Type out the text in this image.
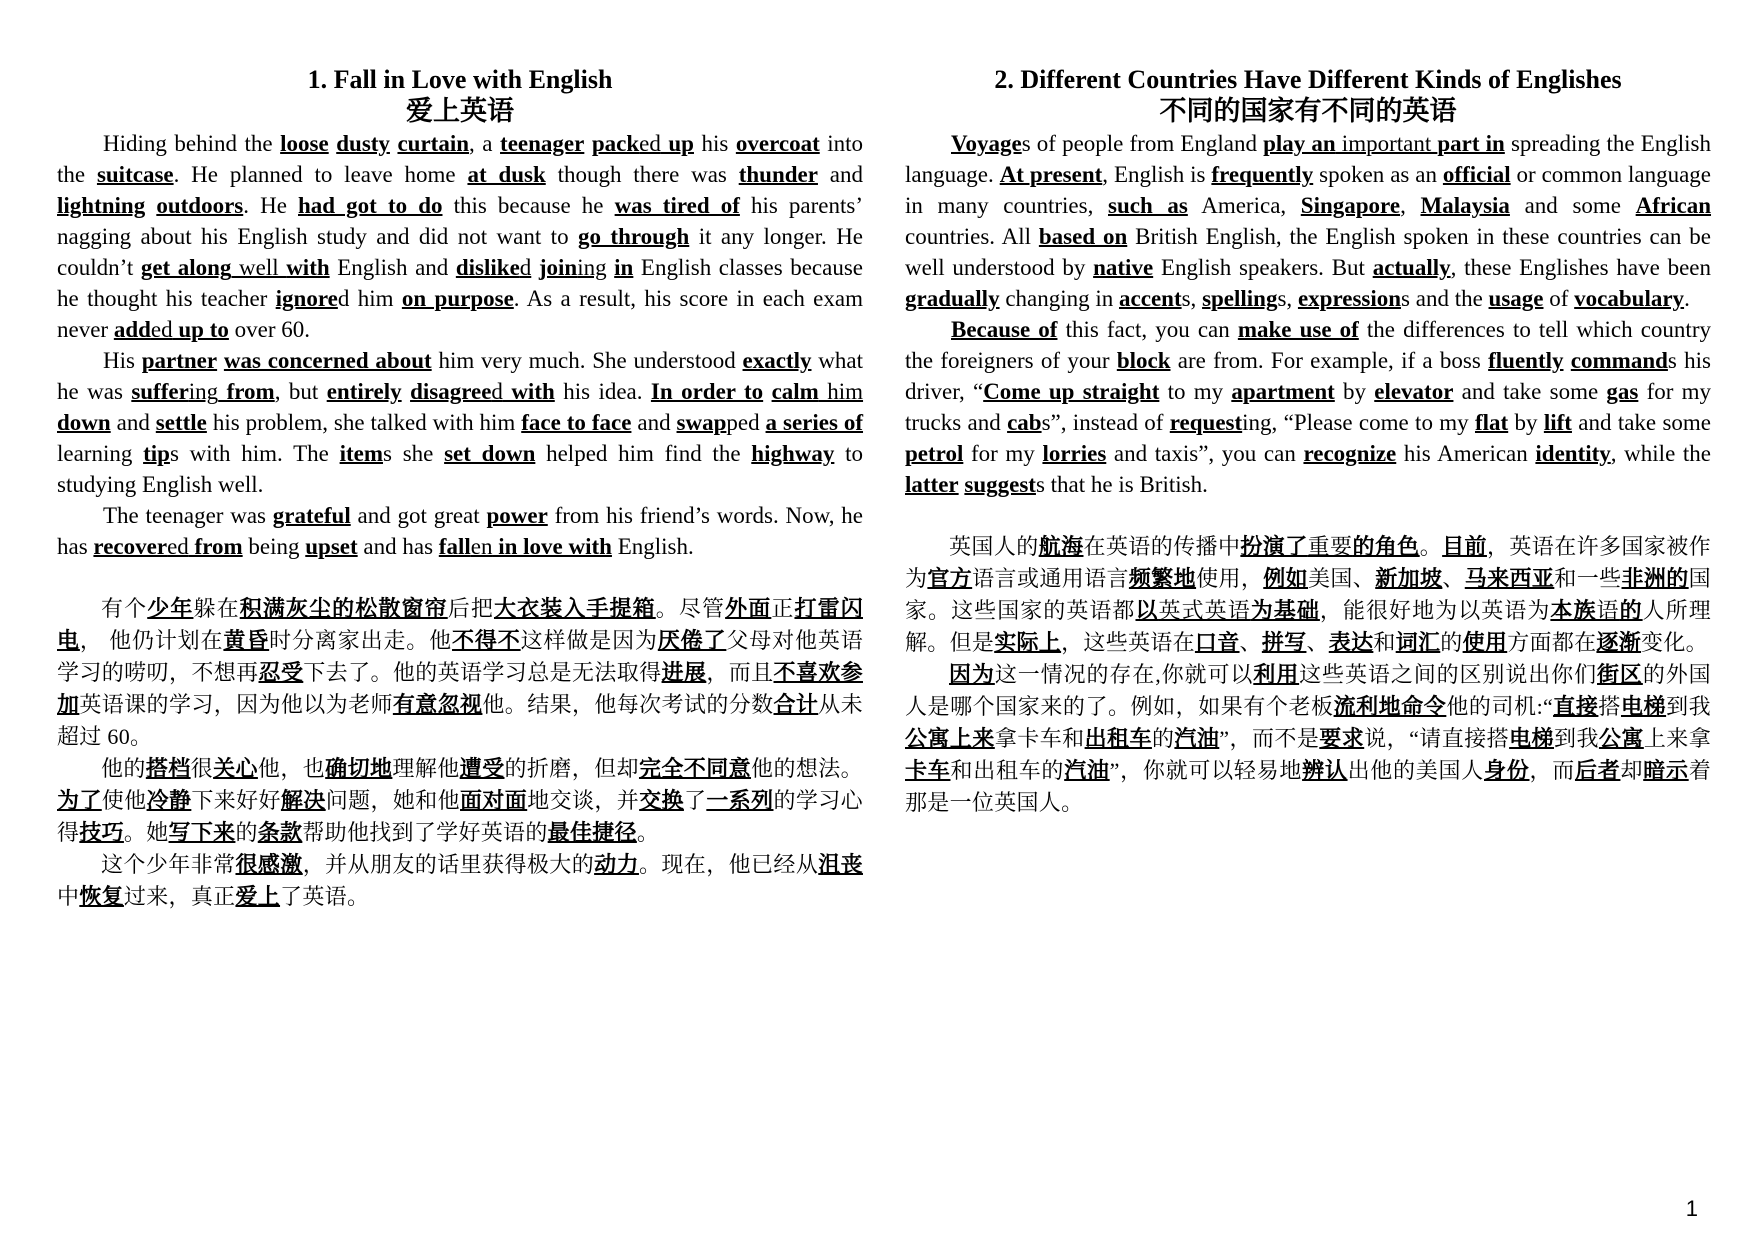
1. Fall in Love with English
爱上英语

Hiding behind the loose dusty curtain, a teenager packed up his overcoat into the suitcase. He planned to leave home at dusk though there was thunder and lightning outdoors. He had got to do this because he was tired of his parents’ nagging about his English study and did not want to go through it any longer. He couldn’t get along well with English and disliked joining in English classes because he thought his teacher ignored him on purpose. As a result, his score in each exam never added up to over 60.

His partner was concerned about him very much. She understood exactly what he was suffering from, but entirely disagreed with his idea. In order to calm him down and settle his problem, she talked with him face to face and swapped a series of learning tips with him. The items she set down helped him find the highway to studying English well.

The teenager was grateful and got great power from his friend’s words. Now, he has recovered from being upset and has fallen in love with English.

有个少年躲在积满灰尘的松散窗帘后把大衣装入手提箱。尽管外面正打雷闪电， 他仍计划在黄昏时分离家出走。他不得不这样做是因为厌倦了父母对他英语学习的唠叨，不想再忍受下去了。他的英语学习总是无法取得进展，而且不喜欢参加英语课的学习，因为他以为老师有意忽视他。结果，他每次考试的分数合计从未超过 60。

他的搭档很关心他，也确切地理解他遭受的折磨，但却完全不同意他的想法。为了使他冷静下来好好解决问题，她和他面对面地交谈，并交换了一系列的学习心得技巧。她写下来的条款帮助他找到了学好英语的最佳捷径。

这个少年非常很感激，并从朋友的话里获得极大的动力。现在，他已经从沮丧中恢复过来，真正爱上了英语。

2. Different Countries Have Different Kinds of Englishes
不同的国家有不同的英语

Voyages of people from England play an important part in spreading the English language. At present, English is frequently spoken as an official or common language in many countries, such as America, Singapore, Malaysia and some African countries. All based on British English, the English spoken in these countries can be well understood by native English speakers. But actually, these Englishes have been gradually changing in accents, spellings, expressions and the usage of vocabulary.

Because of this fact, you can make use of the differences to tell which country the foreigners of your block are from. For example, if a boss fluently commands his driver, “Come up straight to my apartment by elevator and take some gas for my trucks and cabs”, instead of requesting, “Please come to my flat by lift and take some petrol for my lorries and taxis”, you can recognize his American identity, while the latter suggests that he is British.

英国人的航海在英语的传播中扮演了重要的角色。目前，英语在许多国家被作为官方语言或通用语言频繁地使用，例如美国、新加坡、马来西亚和一些非洲的国家。这些国家的英语都以英式英语为基础，能很好地为以英语为本族语的人所理解。但是实际上，这些英语在口音、拼写、表达和词汇的使用方面都在逐渐变化。

因为这一情况的存在,你就可以利用这些英语之间的区别说出你们街区的外国人是哪个国家来的了。例如，如果有个老板流利地命令他的司机:“直接搭电梯到我公寓上来拿卡车和出租车的汽油”，而不是要求说，“请直接搭电梯到我公寓上来拿卡车和出租车的汽油”，你就可以轻易地辨认出他的美国人身份，而后者却暗示着那是一位英国人。

1
